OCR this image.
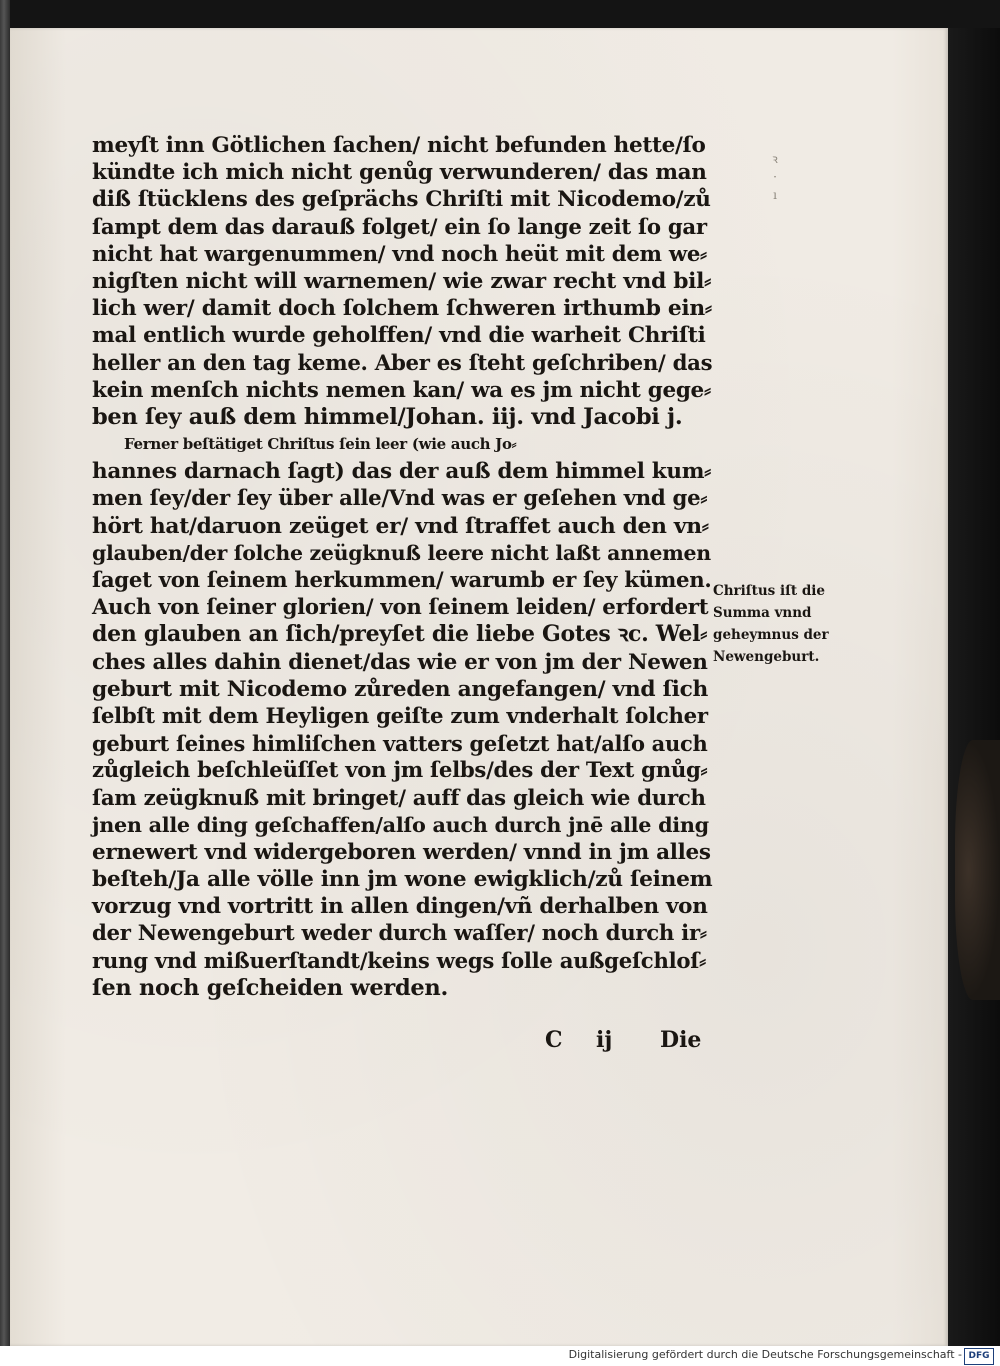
ꝛ
·
ı
meyſt inn Götlichen ſachen/ nicht befunden hette/ſo
kündte ich mich nicht genůg verwunderen/ das man
diß ſtücklens des geſprächs Chriſti mit Nicodemo/zů
ſampt dem das darauß folget/ ein ſo lange zeit ſo gar
nicht hat wargenummen/ vnd noch heüt mit dem we⸗
nigſten nicht will warnemen/ wie zwar recht vnd bil⸗
lich wer/ damit doch ſolchem ſchweren irthumb ein⸗
mal entlich wurde geholffen/ vnd die warheit Chriſti
heller an den tag keme. Aber es ſteht geſchriben/ das
kein menſch nichts nemen kan/ wa es jm nicht gege⸗
ben ſey auß dem himmel/Johan. iij. vnd Jacobi j.
Ferner beſtätiget Chriſtus ſein leer (wie auch Jo⸗
hannes darnach ſagt) das der auß dem himmel kum⸗
men ſey/der ſey über alle/Vnd was er geſehen vnd ge⸗
hört hat/daruon zeüget er/ vnd ſtraffet auch den vn⸗
glauben/der ſolche zeügknuß leere nicht laßt annemen
ſaget von ſeinem herkummen/ warumb er ſey kümen.
Auch von ſeiner glorien/ von ſeinem leiden/ erfordert
den glauben an ſich/preyſet die liebe Gotes ꝛc. Wel⸗
ches alles dahin dienet/das wie er von jm der Newen
geburt mit Nicodemo zůreden angefangen/ vnd ſich
ſelbſt mit dem Heyligen geiſte zum vnderhalt ſolcher
geburt ſeines himliſchen vatters geſetzt hat/alſo auch
zůgleich beſchleüſſet von jm ſelbs/des der Text gnůg⸗
ſam zeügknuß mit bringet/ auff das gleich wie durch
jnen alle ding geſchaffen/alſo auch durch jnē alle ding
ernewert vnd widergeboren werden/ vnnd in jm alles
beſteh/Ja alle völle inn jm wone ewigklich/zů ſeinem
vorzug vnd vortritt in allen dingen/vñ derhalben von
der Newengeburt weder durch waſſer/ noch durch ir⸗
rung vnd mißuerſtandt/keins wegs ſolle außgeſchloſ⸗
ſen noch geſcheiden werden.
Chriſtus iſt die
Summa vnnd
geheymnus der
Newengeburt.
C ij Die
Digitalisierung gefördert durch die Deutsche Forschungsgemeinschaft - DFG
